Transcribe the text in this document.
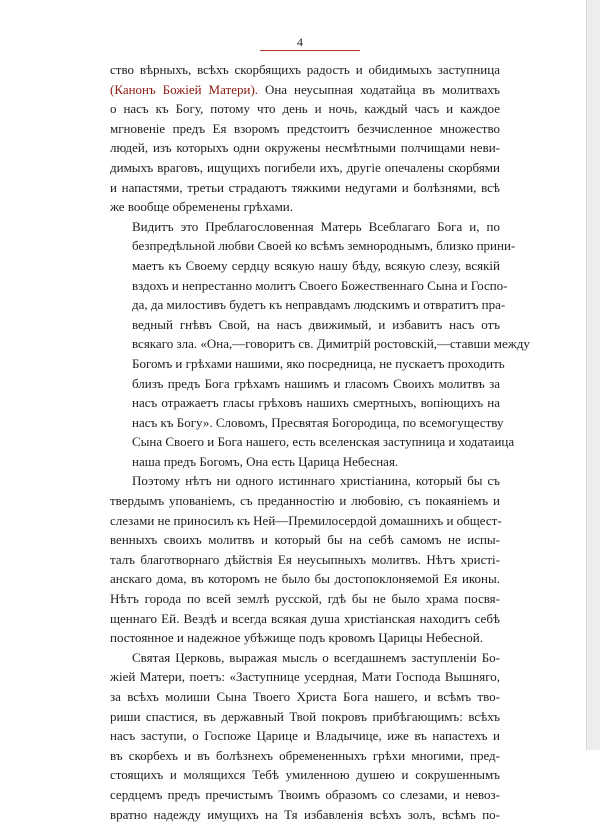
4

ство вѣрныхъ, всѣхъ скорбящихъ радость и обидимыхъ заступница
(Канонъ Божіей Матери). Она неусыпная ходатайца въ молитвахъ
о насъ къ Богу, потому что день и ночь, каждый часъ и каждое
мгновеніе предъ Ея взоромъ предстоитъ безчисленное множество
людей, изъ которыхъ одни окружены несмѣтными полчищами неви-
димыхъ враговъ, ищущихъ погибели ихъ, другіе опечалены скорбями
и напастями, третьи страдаютъ тяжкими недугами и болѣзнями, всѣ
же вообще обременены грѣхами.

Видитъ это Преблагословенная Матерь Всеблагаго Бога и, по
безпредѣльной любви Своей ко всѣмъ земнороднымъ, близко прини-
маетъ къ Своему сердцу всякую нашу бѣду, всякую слезу, всякій
вздохъ и непрестанно молитъ Своего Божественнаго Сына и Госпо-
да, да милостивъ будетъ къ неправдамъ людскимъ и отвратитъ пра-
ведный гнѣвъ Свой, на насъ движимый, и избавитъ насъ отъ
всякаго зла. «Она,—говоритъ св. Димитрій ростовскій,—ставши между
Богомъ и грѣхами нашими, яко посредница, не пускаетъ проходить
близъ предъ Бога грѣхамъ нашимъ и гласомъ Своихъ молитвъ за
насъ отражаетъ гласы грѣховъ нашихъ смертныхъ, вопіющихъ на
насъ къ Богу». Словомъ, Пресвятая Богородица, по всемогуществу
Сына Своего и Бога нашего, есть вселенская заступница и ходатаица
наша предъ Богомъ, Она есть Царица Небесная.

Поэтому нѣтъ ни одного истиннаго христіанина, который бы съ
твердымъ упованіемъ, съ преданностію и любовію, съ покаяніемъ и
слезами не приносилъ къ Ней—Премилосердой домашнихъ и общест-
венныхъ своихъ молитвъ и который бы на себѣ самомъ не испы-
талъ благотворнаго дѣйствія Ея неусыпныхъ молитвъ. Нѣтъ христі-
анскаго дома, въ которомъ не было бы достопоклоняемой Ея иконы.
Нѣтъ города по всей землѣ русской, гдѣ бы не было храма посвя-
щеннаго Ей. Вездѣ и всегда всякая душа христіанская находитъ себѣ
постоянное и надежное убѣжище подъ кровомъ Царицы Небесной.

Святая Церковь, выражая мысль о всегдашнемъ заступленіи Бо-
жіей Матери, поетъ: «Заступнице усердная, Мати Господа Вышняго,
за всѣхъ молиши Сына Твоего Христа Бога нашего, и всѣмъ тво-
риши спастися, въ державный Твой покровъ прибѣгающимъ: всѣхъ
насъ заступи, о Госпоже Царице и Владычице, иже въ напастехъ и
въ скорбехъ и въ болѣзнехъ обремененныхъ грѣхи многими, пред-
стоящихъ и молящихся Тебѣ умиленною душею и сокрушеннымъ
сердцемъ предъ пречистымъ Твоимъ образомъ со слезами, и невоз-
вратно надежду имущихъ на Тя избавленія всѣхъ золъ, всѣмъ по-
